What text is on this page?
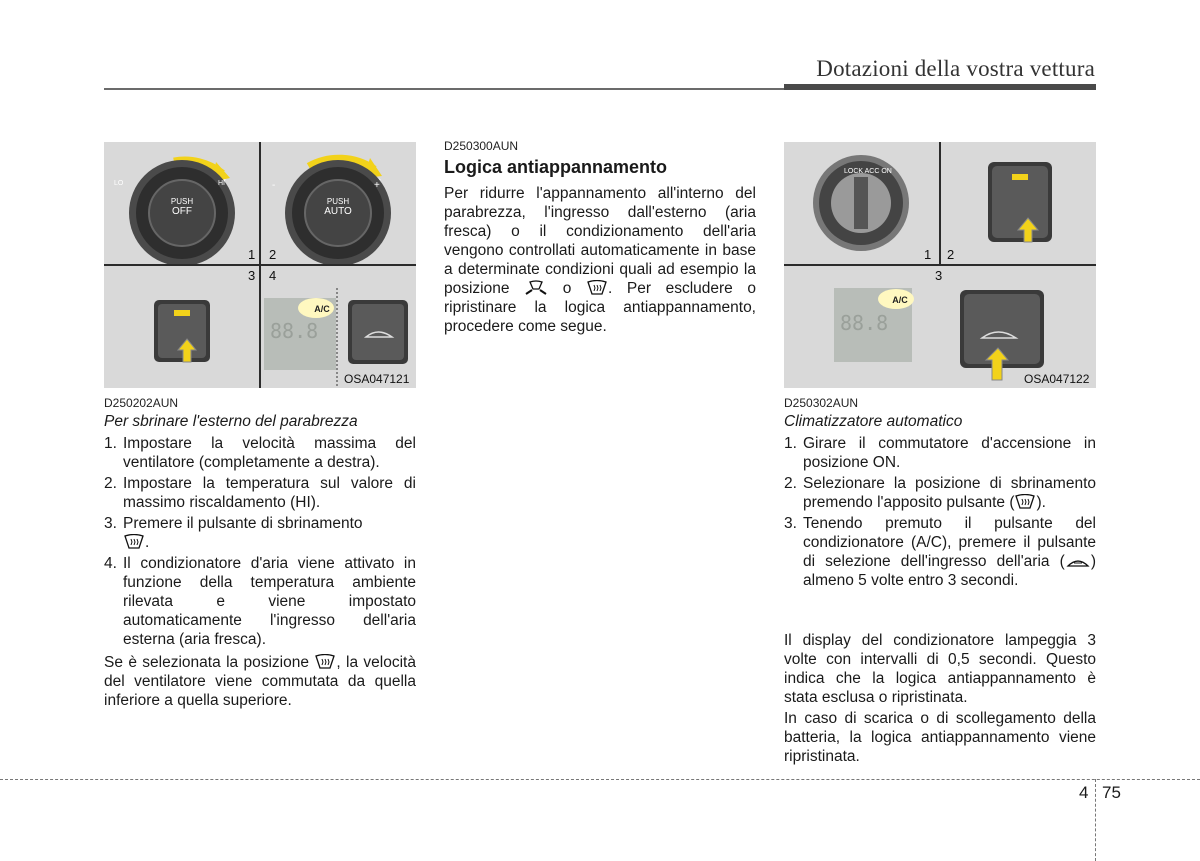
Dotazioni della vostra vettura
A/C
88.8
PUSH
OFF
PUSH
AUTO
LO	HI	-	+
1 2
3 4
OSA047121
A/C
88.8
LOCK ACC ON
1 2
3
OSA047122
D250202AUN
Per sbrinare l'esterno del parabrezza
1. Impostare la velocità massima del ventilatore (completamente a destra).
2. Impostare la temperatura sul valore di massimo riscaldamento (HI).
3. Premere il pulsante di sbrinamento
.
4. Il condizionatore d'aria viene attivato in funzione della temperatura ambiente rilevata e viene impostato automaticamente l'ingresso dell'aria esterna (aria fresca).
Se è selezionata la posizione , la velocità del ventilatore viene commutata da quella inferiore a quella superiore.
D250300AUN
Logica antiappannamento
Per ridurre l'appannamento all'interno del parabrezza, l'ingresso dall'esterno (aria fresca) o il condizionamento dell'aria vengono controllati automaticamente in base a determinate condizioni quali ad esempio la posizione	o . Per escludere o ripristinare la logica antiappannamento, procedere come segue.
D250302AUN
Climatizzatore automatico
1. Girare il commutatore d'accensione in posizione ON.
2. Selezionare la posizione di sbrinamento premendo l'apposito pulsante ( ).
3. Tenendo premuto il pulsante del condizionatore (A/C), premere il pulsante di selezione dell'ingresso dell'aria ( ) almeno 5 volte entro 3 secondi.
Il display del condizionatore lampeggia 3 volte con intervalli di 0,5 secondi. Questo indica che la logica antiappannamento è stata esclusa o ripristinata.
In caso di scarica o di scollegamento della batteria, la logica antiappannamento viene ripristinata.
4 75
